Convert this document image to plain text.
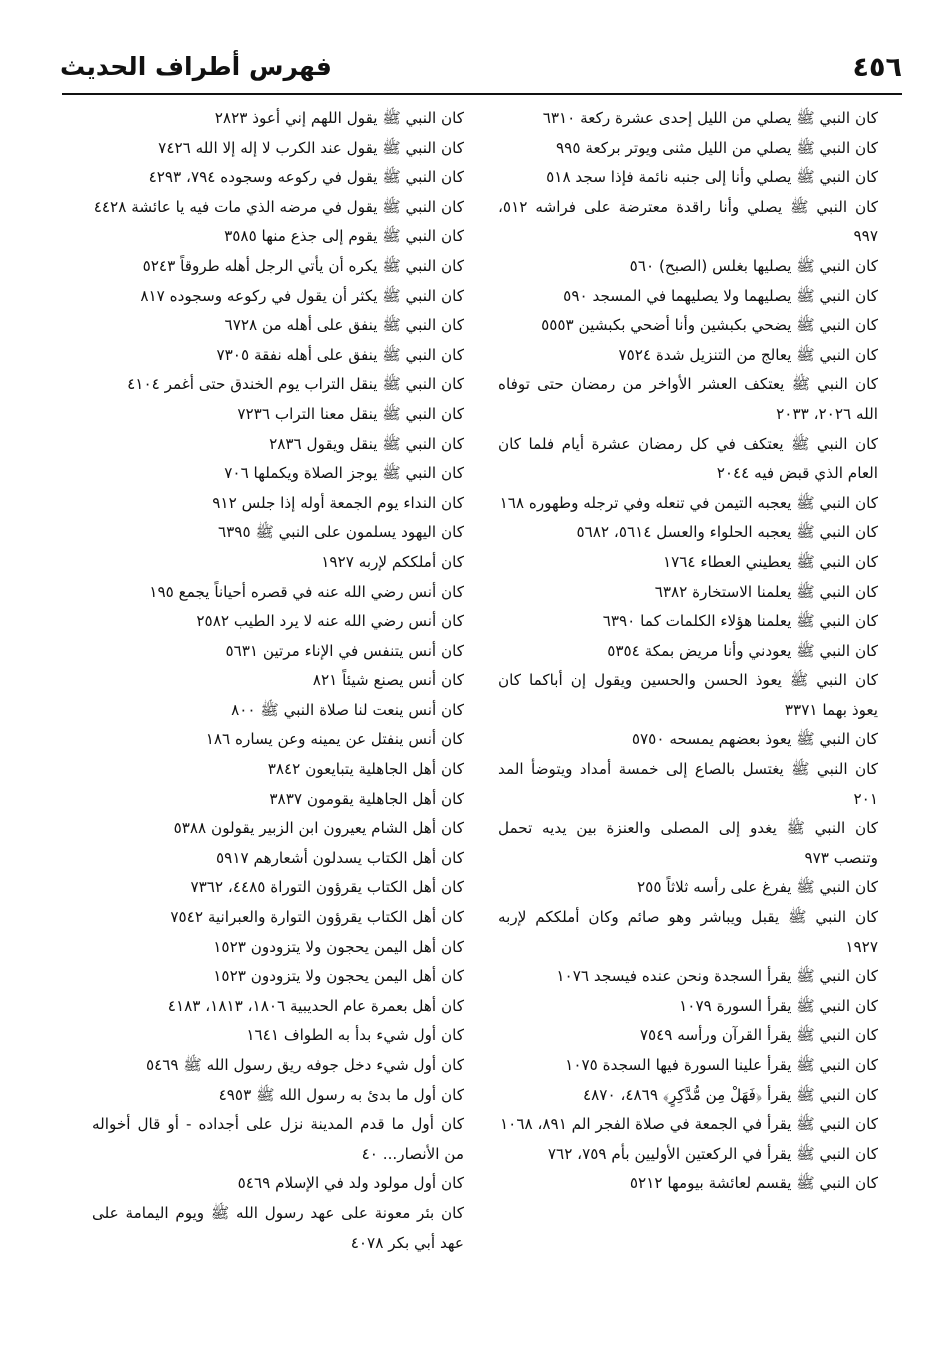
٤٥٦
فهرس أطراف الحديث

كان النبي ﷺ يصلي من الليل إحدى عشرة ركعة ٦٣١٠

كان النبي ﷺ يصلي من الليل مثنى ويوتر بركعة ٩٩٥

كان النبي ﷺ يصلي وأنا إلى جنبه نائمة فإذا سجد ٥١٨

كان النبي ﷺ يصلي وأنا راقدة معترضة على فراشه ٥١٢، ٩٩٧

كان النبي ﷺ يصليها بغلس (الصبح) ٥٦٠

كان النبي ﷺ يصليهما ولا يصليهما في المسجد ٥٩٠

كان النبي ﷺ يضحي بكبشين وأنا أضحي بكبشين ٥٥٥٣

كان النبي ﷺ يعالج من التنزيل شدة ٧٥٢٤

كان النبي ﷺ يعتكف العشر الأواخر من رمضان حتى توفاه الله ٢٠٢٦، ٢٠٣٣

كان النبي ﷺ يعتكف في كل رمضان عشرة أيام فلما كان العام الذي قبض فيه ٢٠٤٤

كان النبي ﷺ يعجبه التيمن في تنعله وفي ترجله وطهوره ١٦٨

كان النبي ﷺ يعجبه الحلواء والعسل ٥٦١٤، ٥٦٨٢

كان النبي ﷺ يعطيني العطاء ١٧٦٤

كان النبي ﷺ يعلمنا الاستخارة ٦٣٨٢

كان النبي ﷺ يعلمنا هؤلاء الكلمات كما ٦٣٩٠

كان النبي ﷺ يعودني وأنا مريض بمكة ٥٣٥٤

كان النبي ﷺ يعوذ الحسن والحسين ويقول إن أباكما كان يعوذ بهما ٣٣٧١

كان النبي ﷺ يعوذ بعضهم يمسحه ٥٧٥٠

كان النبي ﷺ يغتسل بالصاع إلى خمسة أمداد ويتوضأ المد ٢٠١

كان النبي ﷺ يغدو إلى المصلى والعنزة بين يديه تحمل وتنصب ٩٧٣

كان النبي ﷺ يفرغ على رأسه ثلاثاً ٢٥٥

كان النبي ﷺ يقبل ويباشر وهو صائم وكان أملككم لإربه ١٩٢٧

كان النبي ﷺ يقرأ السجدة ونحن عنده فيسجد ١٠٧٦

كان النبي ﷺ يقرأ السورة ١٠٧٩

كان النبي ﷺ يقرأ القرآن ورأسه ٧٥٤٩

كان النبي ﷺ يقرأ علينا السورة فيها السجدة ١٠٧٥

كان النبي ﷺ يقرأ ﴿فَهَلْ مِن مُّدَّكِرٍ﴾ ٤٨٦٩، ٤٨٧٠

كان النبي ﷺ يقرأ في الجمعة في صلاة الفجر الم ٨٩١، ١٠٦٨

كان النبي ﷺ يقرأ في الركعتين الأوليين بأم ٧٥٩، ٧٦٢

كان النبي ﷺ يقسم لعائشة بيومها ٥٢١٢

كان النبي ﷺ يقول اللهم إني أعوذ ٢٨٢٣

كان النبي ﷺ يقول عند الكرب لا إله إلا الله ٧٤٢٦

كان النبي ﷺ يقول في ركوعه وسجوده ٧٩٤، ٤٢٩٣

كان النبي ﷺ يقول في مرضه الذي مات فيه يا عائشة ٤٤٢٨

كان النبي ﷺ يقوم إلى جذع منها ٣٥٨٥

كان النبي ﷺ يكره أن يأتي الرجل أهله طروقاً ٥٢٤٣

كان النبي ﷺ يكثر أن يقول في ركوعه وسجوده ٨١٧

كان النبي ﷺ ينفق على أهله من ٦٧٢٨

كان النبي ﷺ ينفق على أهله نفقة ٧٣٠٥

كان النبي ﷺ ينقل التراب يوم الخندق حتى أغمر ٤١٠٤

كان النبي ﷺ ينقل معنا التراب ٧٢٣٦

كان النبي ﷺ ينقل ويقول ٢٨٣٦

كان النبي ﷺ يوجز الصلاة ويكملها ٧٠٦

كان النداء يوم الجمعة أوله إذا جلس ٩١٢

كان اليهود يسلمون على النبي ﷺ ٦٣٩٥

كان أملككم لإربه ١٩٢٧

كان أنس رضي الله عنه في قصره أحياناً يجمع ١٩٥

كان أنس رضي الله عنه لا يرد الطيب ٢٥٨٢

كان أنس يتنفس في الإناء مرتين ٥٦٣١

كان أنس يصنع شيئاً ٨٢١

كان أنس ينعت لنا صلاة النبي ﷺ ٨٠٠

كان أنس ينفتل عن يمينه وعن يساره ١٨٦

كان أهل الجاهلية يتبايعون ٣٨٤٢

كان أهل الجاهلية يقومون ٣٨٣٧

كان أهل الشام يعيرون ابن الزبير يقولون ٥٣٨٨

كان أهل الكتاب يسدلون أشعارهم ٥٩١٧

كان أهل الكتاب يقرؤون التوراة ٤٤٨٥، ٧٣٦٢

كان أهل الكتاب يقرؤون التوارة والعبرانية ٧٥٤٢

كان أهل اليمن يحجون ولا يتزودون ١٥٢٣

كان أهل اليمن يحجون ولا يتزودون ١٥٢٣

كان أهل بعمرة عام الحديبية ١٨٠٦، ١٨١٣، ٤١٨٣

كان أول شيء بدأ به الطواف ١٦٤١

كان أول شيء دخل جوفه ريق رسول الله ﷺ ٥٤٦٩

كان أول ما بدئ به رسول الله ﷺ ٤٩٥٣

كان أول ما قدم المدينة نزل على أجداده - أو قال أخواله من الأنصار... ٤٠

كان أول مولود ولد في الإسلام ٥٤٦٩

كان بئر معونة على عهد رسول الله ﷺ ويوم اليمامة على عهد أبي بكر ٤٠٧٨
